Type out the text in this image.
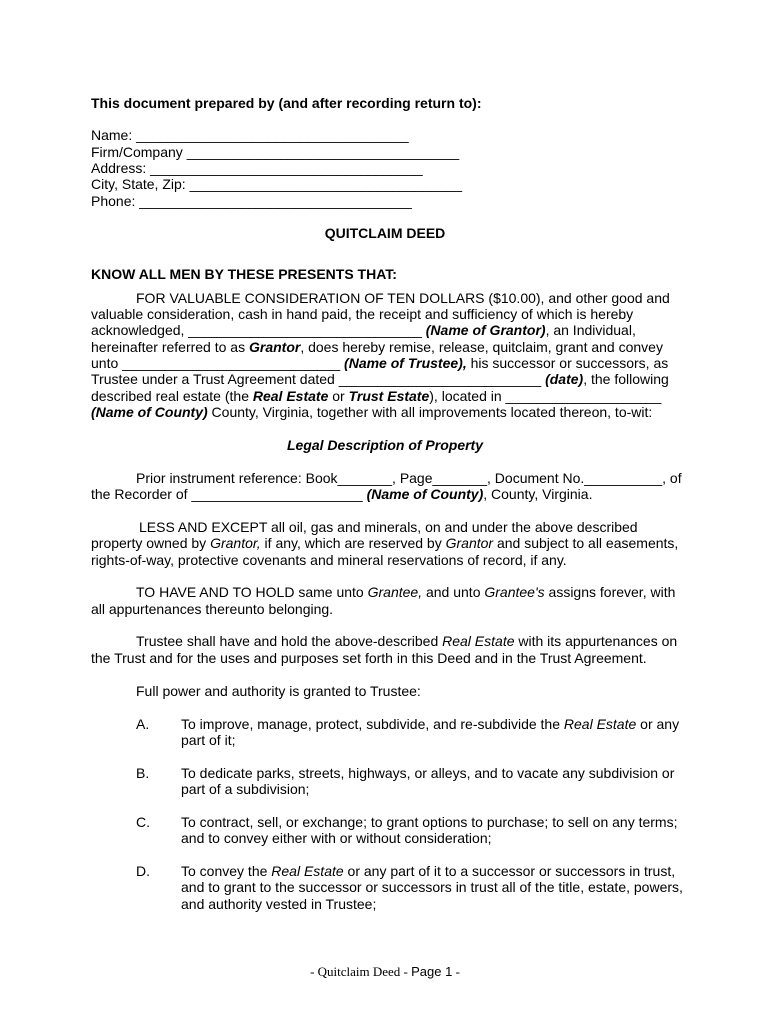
This document prepared by (and after recording return to):
Name: ___________________________________
Firm/Company ___________________________________
Address: ___________________________________
City, State, Zip: ___________________________________
Phone: ___________________________________
QUITCLAIM DEED
KNOW ALL MEN BY THESE PRESENTS THAT:
FOR VALUABLE CONSIDERATION OF TEN DOLLARS ($10.00), and other good and
valuable consideration, cash in hand paid, the receipt and sufficiency of which is hereby
acknowledged, ______________________________ (Name of Grantor), an Individual,
hereinafter referred to as Grantor, does hereby remise, release, quitclaim, grant and convey
unto ____________________________ (Name of Trustee), his successor or successors, as
Trustee under a Trust Agreement dated __________________________ (date), the following
described real estate (the Real Estate or Trust Estate), located in ____________________
(Name of County) County, Virginia, together with all improvements located thereon, to-wit:
Legal Description of Property
Prior instrument reference: Book_______, Page_______, Document No.__________, of
the Recorder of ______________________ (Name of County), County, Virginia.
LESS AND EXCEPT all oil, gas and minerals, on and under the above described
property owned by Grantor, if any, which are reserved by Grantor and subject to all easements,
rights-of-way, protective covenants and mineral reservations of record, if any.
TO HAVE AND TO HOLD same unto Grantee, and unto Grantee's assigns forever, with
all appurtenances thereunto belonging.
Trustee shall have and hold the above-described Real Estate with its appurtenances on
the Trust and for the uses and purposes set forth in this Deed and in the Trust Agreement.
Full power and authority is granted to Trustee:
A. To improve, manage, protect, subdivide, and re-subdivide the Real Estate or any
part of it;
B. To dedicate parks, streets, highways, or alleys, and to vacate any subdivision or
part of a subdivision;
C. To contract, sell, or exchange; to grant options to purchase; to sell on any terms;
and to convey either with or without consideration;
D. To convey the Real Estate or any part of it to a successor or successors in trust,
and to grant to the successor or successors in trust all of the title, estate, powers,
and authority vested in Trustee;
- Quitclaim Deed - Page 1 -
